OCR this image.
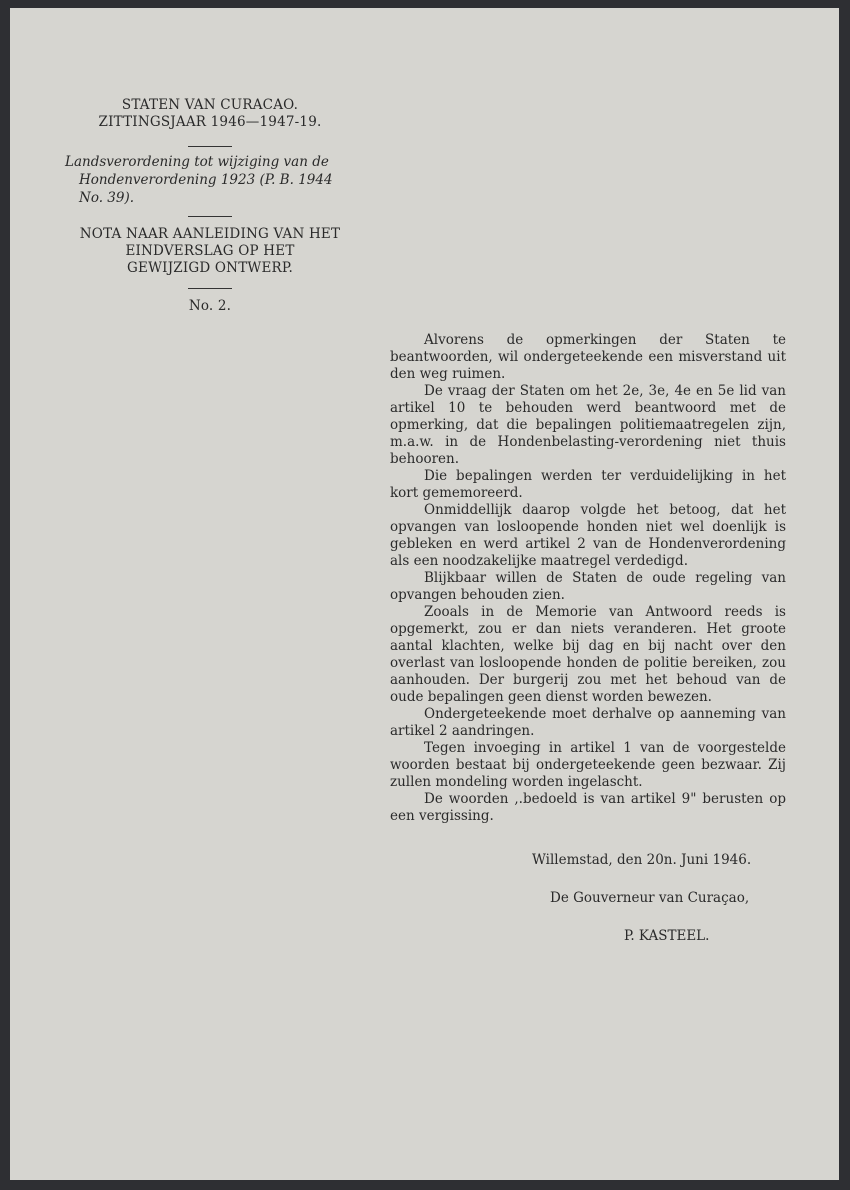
STATEN VAN CURACAO.
ZITTINGSJAAR 1946—1947-19.
Landsverordening tot wijziging van de
Hondenverordening 1923 (P. B. 1944
No. 39).
NOTA NAAR AANLEIDING VAN HET
EINDVERSLAG OP HET
GEWIJZIGD ONTWERP.
No. 2.

Alvorens de opmerkingen der Staten te beantwoorden, wil ondergeteekende een misverstand uit den weg ruimen.

De vraag der Staten om het 2e, 3e, 4e en 5e lid van artikel 10 te behouden werd beantwoord met de opmerking, dat die bepalingen politiemaatregelen zijn, m.a.w. in de Hondenbelasting-verordening niet thuis behooren.

Die bepalingen werden ter verduidelijking in het kort gememoreerd.

Onmiddellijk daarop volgde het betoog, dat het opvangen van losloopende honden niet wel doenlijk is gebleken en werd artikel 2 van de Hondenverordening als een noodzakelijke maatregel verdedigd.

Blijkbaar willen de Staten de oude regeling van opvangen behouden zien.

Zooals in de Memorie van Antwoord reeds is opgemerkt, zou er dan niets veranderen. Het groote aantal klachten, welke bij dag en bij nacht over den overlast van losloopende honden de politie bereiken, zou aanhouden. Der burgerij zou met het behoud van de oude bepalingen geen dienst worden bewezen.

Ondergeteekende moet derhalve op aanneming van artikel 2 aandringen.

Tegen invoeging in artikel 1 van de voorgestelde woorden bestaat bij ondergeteekende geen bezwaar. Zij zullen mondeling worden ingelascht.

De woorden ,.bedoeld is van artikel 9" berusten op een vergissing.

Willemstad, den 20n. Juni 1946.
De Gouverneur van Curaçao,
P. KASTEEL.
